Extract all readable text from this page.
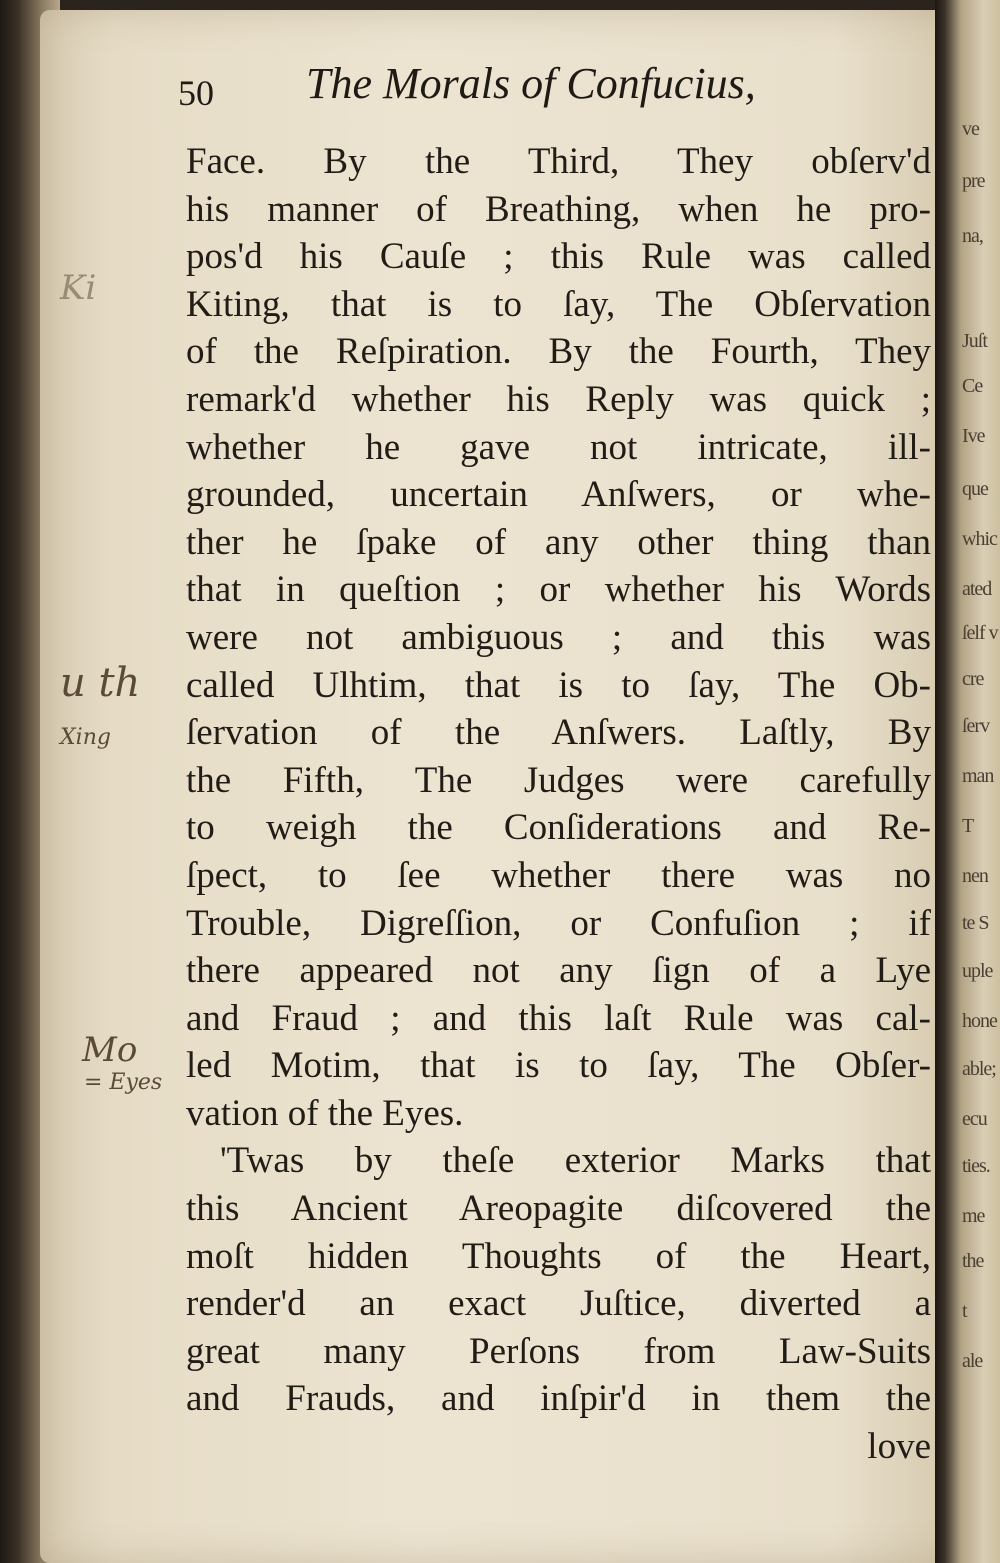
ve
pre
na,
Juſt
Ce
Ive
que
whic
ated
ſelf v
cre
ſerv
man
T
nen
te S
uple
hone
able;
ecu
ties.
me
the
t
ale
50 The Morals of Confucius,
Face. By the Third, They obſerv'd
his manner of Breathing, when he pro-
pos'd his Cauſe ; this Rule was called
Kiting, that is to ſay, The Obſervation
of the Reſpiration. By the Fourth, They
remark'd whether his Reply was quick ;
whether he gave not intricate, ill-
grounded, uncertain Anſwers, or whe-
ther he ſpake of any other thing than
that in queſtion ; or whether his Words
were not ambiguous ; and this was
called Ulhtim, that is to ſay, The Ob-
ſervation of the Anſwers. Laſtly, By
the Fifth, The Judges were carefully
to weigh the Conſiderations and Re-
ſpect, to ſee whether there was no
Trouble, Digreſſion, or Confuſion ; if
there appeared not any ſign of a Lye
and Fraud ; and this laſt Rule was cal-
led Motim, that is to ſay, The Obſer-
vation of the Eyes.
'Twas by theſe exterior Marks that
this Ancient Areopagite diſcovered the
moſt hidden Thoughts of the Heart,
render'd an exact Juſtice, diverted a
great many Perſons from Law-Suits
and Frauds, and inſpir'd in them the
love
Ki
u th
Xing
Mo
= Eyes
